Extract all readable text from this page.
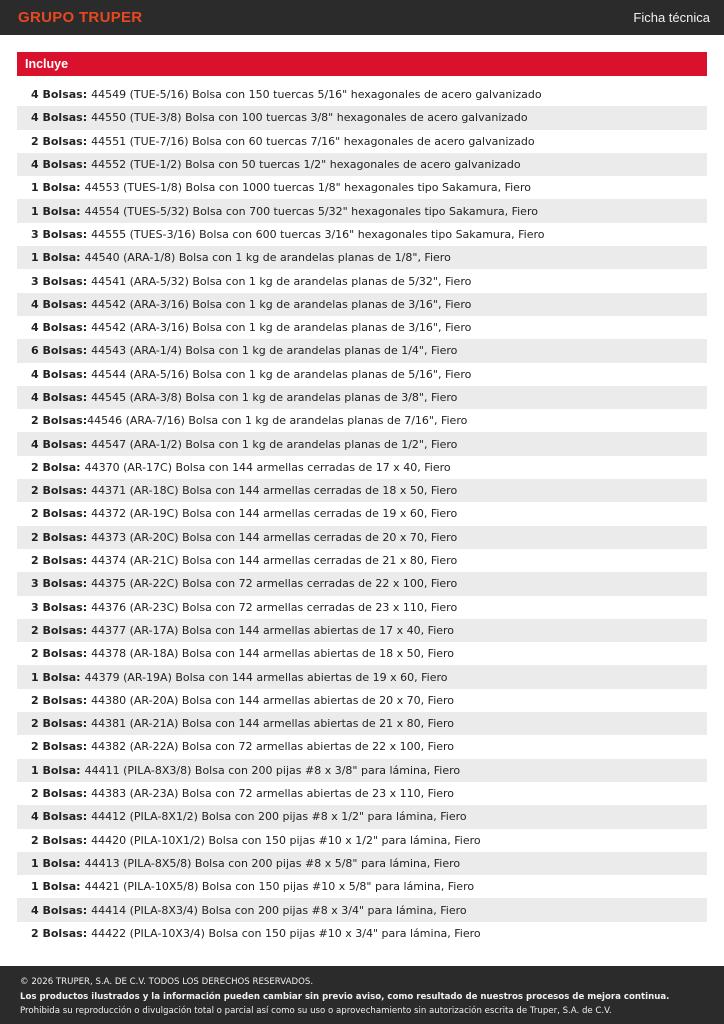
GRUPO TRUPER	Ficha técnica
Incluye
4 Bolsas: 44549 (TUE-5/16) Bolsa con 150 tuercas 5/16" hexagonales de acero galvanizado
4 Bolsas: 44550 (TUE-3/8) Bolsa con 100 tuercas 3/8" hexagonales de acero galvanizado
2 Bolsas: 44551 (TUE-7/16) Bolsa con 60 tuercas 7/16" hexagonales de acero galvanizado
4 Bolsas: 44552 (TUE-1/2) Bolsa con 50 tuercas 1/2" hexagonales de acero galvanizado
1 Bolsa: 44553 (TUES-1/8) Bolsa con 1000 tuercas 1/8" hexagonales tipo Sakamura, Fiero
1 Bolsa: 44554 (TUES-5/32) Bolsa con 700 tuercas 5/32" hexagonales tipo Sakamura, Fiero
3 Bolsas: 44555 (TUES-3/16) Bolsa con 600 tuercas 3/16" hexagonales tipo Sakamura, Fiero
1 Bolsa: 44540 (ARA-1/8) Bolsa con 1 kg de arandelas planas de 1/8", Fiero
3 Bolsas: 44541 (ARA-5/32) Bolsa con 1 kg de arandelas planas de 5/32", Fiero
4 Bolsas: 44542 (ARA-3/16) Bolsa con 1 kg de arandelas planas de 3/16", Fiero
4 Bolsas: 44542 (ARA-3/16) Bolsa con 1 kg de arandelas planas de 3/16", Fiero
6 Bolsas: 44543 (ARA-1/4) Bolsa con 1 kg de arandelas planas de 1/4", Fiero
4 Bolsas: 44544 (ARA-5/16) Bolsa con 1 kg de arandelas planas de 5/16", Fiero
4 Bolsas: 44545 (ARA-3/8) Bolsa con 1 kg de arandelas planas de 3/8", Fiero
2 Bolsas: 44546 (ARA-7/16) Bolsa con 1 kg de arandelas planas de 7/16", Fiero
4 Bolsas: 44547 (ARA-1/2) Bolsa con 1 kg de arandelas planas de 1/2", Fiero
2 Bolsa: 44370 (AR-17C) Bolsa con 144 armellas cerradas de 17 x 40, Fiero
2 Bolsas: 44371 (AR-18C) Bolsa con 144 armellas cerradas de 18 x 50, Fiero
2 Bolsas: 44372 (AR-19C) Bolsa con 144 armellas cerradas de 19 x 60, Fiero
2 Bolsas: 44373 (AR-20C) Bolsa con 144 armellas cerradas de 20 x 70, Fiero
2 Bolsas: 44374 (AR-21C) Bolsa con 144 armellas cerradas de 21 x 80, Fiero
3 Bolsas: 44375 (AR-22C) Bolsa con 72 armellas cerradas de 22 x 100, Fiero
3 Bolsas: 44376 (AR-23C) Bolsa con 72 armellas cerradas de 23 x 110, Fiero
2 Bolsas: 44377 (AR-17A) Bolsa con 144 armellas abiertas de 17 x 40, Fiero
2 Bolsas: 44378 (AR-18A) Bolsa con 144 armellas abiertas de 18 x 50, Fiero
1 Bolsa: 44379 (AR-19A) Bolsa con 144 armellas abiertas de 19 x 60, Fiero
2 Bolsas: 44380 (AR-20A) Bolsa con 144 armellas abiertas de 20 x 70, Fiero
2 Bolsas: 44381 (AR-21A) Bolsa con 144 armellas abiertas de 21 x 80, Fiero
2 Bolsas: 44382 (AR-22A) Bolsa con 72 armellas abiertas de 22 x 100, Fiero
1 Bolsa: 44411 (PILA-8X3/8) Bolsa con 200 pijas #8 x 3/8" para lámina, Fiero
2 Bolsas: 44383 (AR-23A) Bolsa con 72 armellas abiertas de 23 x 110, Fiero
4 Bolsas: 44412 (PILA-8X1/2) Bolsa con 200 pijas #8 x 1/2" para lámina, Fiero
2 Bolsas: 44420 (PILA-10X1/2) Bolsa con 150 pijas #10 x 1/2" para lámina, Fiero
1 Bolsa: 44413 (PILA-8X5/8) Bolsa con 200 pijas #8 x 5/8" para lámina, Fiero
1 Bolsa: 44421 (PILA-10X5/8) Bolsa con 150 pijas #10 x 5/8" para lámina, Fiero
4 Bolsas: 44414 (PILA-8X3/4) Bolsa con 200 pijas #8 x 3/4" para lámina, Fiero
2 Bolsas: 44422 (PILA-10X3/4) Bolsa con 150 pijas #10 x 3/4" para lámina, Fiero

© 2026 TRUPER, S.A. DE C.V. TODOS LOS DERECHOS RESERVADOS.

Los productos ilustrados y la información pueden cambiar sin previo aviso, como resultado de nuestros procesos de mejora continua.

Prohibida su reproducción o divulgación total o parcial así como su uso o aprovechamiento sin autorización escrita de Truper, S.A. de C.V.
